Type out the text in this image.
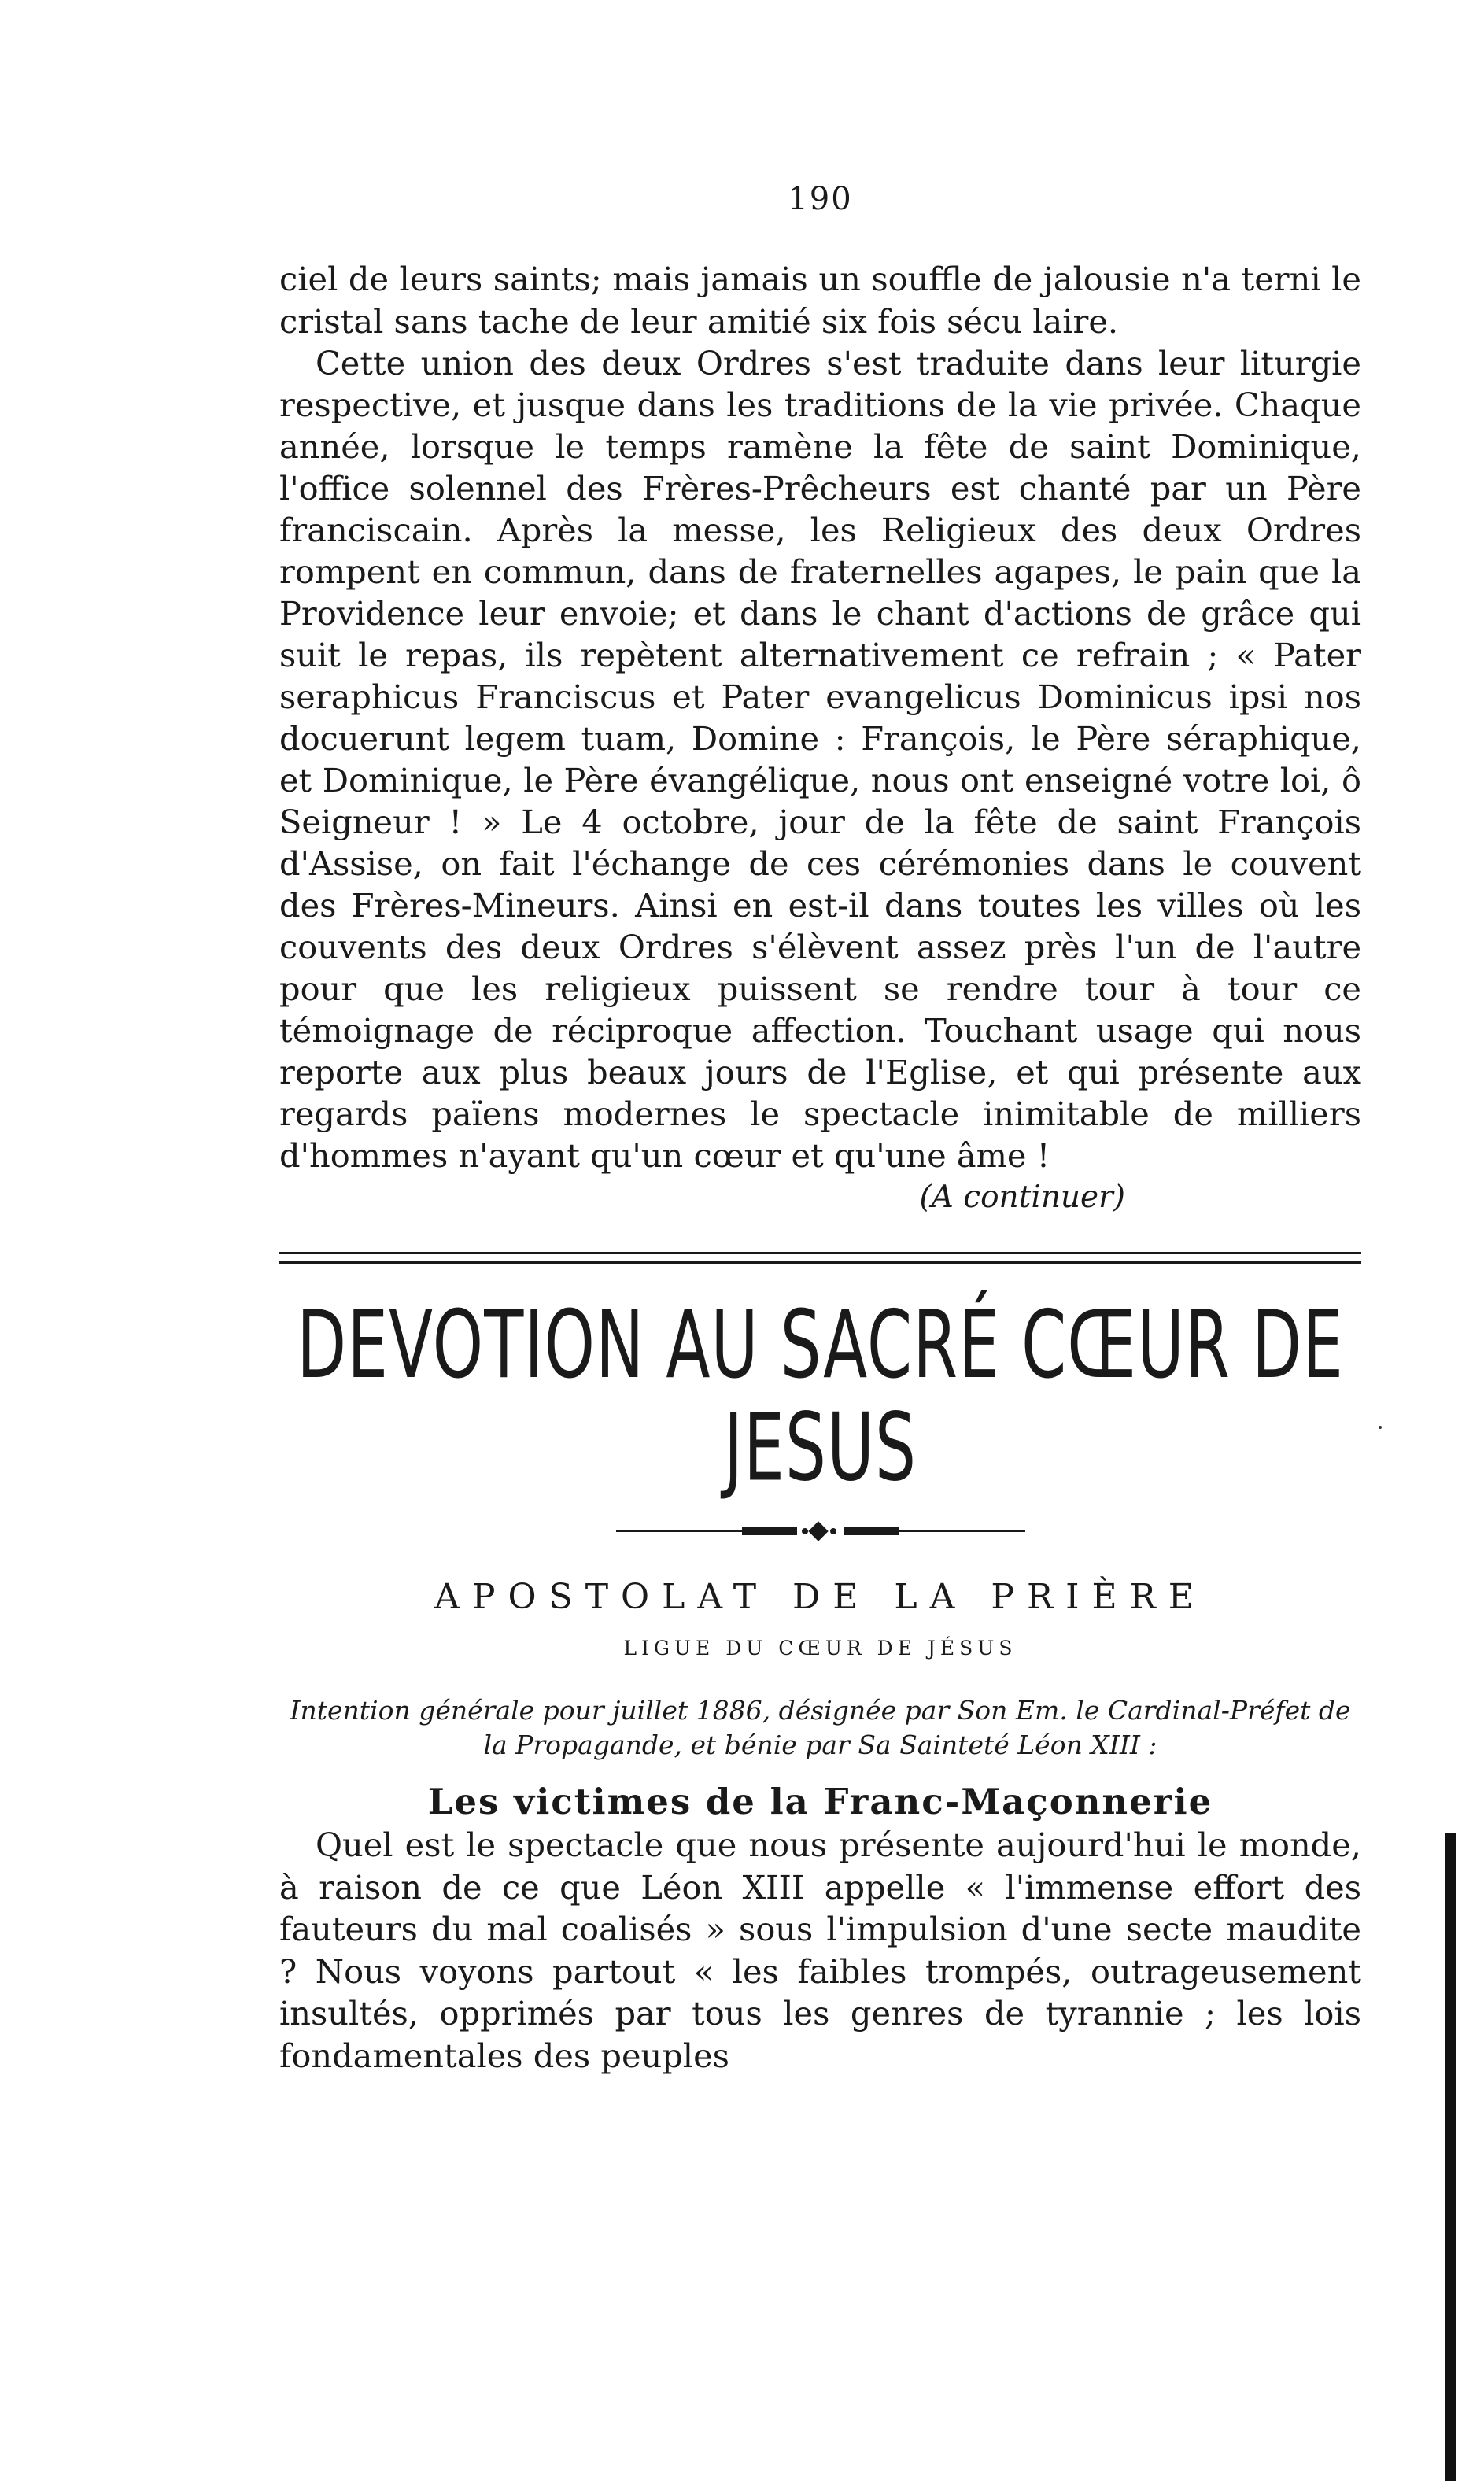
190

ciel de leurs saints; mais jamais un souffle de jalousie n'a terni le cristal sans tache de leur amitié six fois sécu laire.

Cette union des deux Ordres s'est traduite dans leur liturgie respective, et jusque dans les traditions de la vie privée. Chaque année, lorsque le temps ramène la fête de saint Dominique, l'office solennel des Frères-Prêcheurs est chanté par un Père franciscain. Après la messe, les Religieux des deux Ordres rompent en commun, dans de fraternelles agapes, le pain que la Providence leur envoie; et dans le chant d'actions de grâce qui suit le repas, ils repètent alternativement ce refrain ; « Pater seraphicus Franciscus et Pater evangelicus Dominicus ipsi nos docuerunt legem tuam, Domine : François, le Père séraphique, et Dominique, le Père évangélique, nous ont enseigné votre loi, ô Seigneur ! » Le 4 octobre, jour de la fête de saint François d'Assise, on fait l'échange de ces cérémonies dans le couvent des Frères-Mineurs. Ainsi en est-il dans toutes les villes où les couvents des deux Ordres s'élèvent assez près l'un de l'autre pour que les religieux puissent se rendre tour à tour ce témoignage de réciproque affection. Touchant usage qui nous reporte aux plus beaux jours de l'Eglise, et qui présente aux regards païens modernes le spectacle inimitable de milliers d'hommes n'ayant qu'un cœur et qu'une âme !

(A continuer)
DEVOTION AU SACRÉ CŒUR DE JESUS
APOSTOLAT DE LA PRIÈRE
LIGUE DU CŒUR DE JÉSUS
Intention générale pour juillet 1886, désignée par Son Em. le Cardinal-Préfet de la Propagande, et bénie par Sa Sainteté Léon XIII :
Les victimes de la Franc-Maçonnerie

Quel est le spectacle que nous présente aujourd'hui le monde, à raison de ce que Léon XIII appelle « l'immense effort des fauteurs du mal coalisés » sous l'impulsion d'une secte maudite ? Nous voyons partout « les faibles trompés, outrageusement insultés, opprimés par tous les genres de tyrannie ; les lois fondamentales des peuples
